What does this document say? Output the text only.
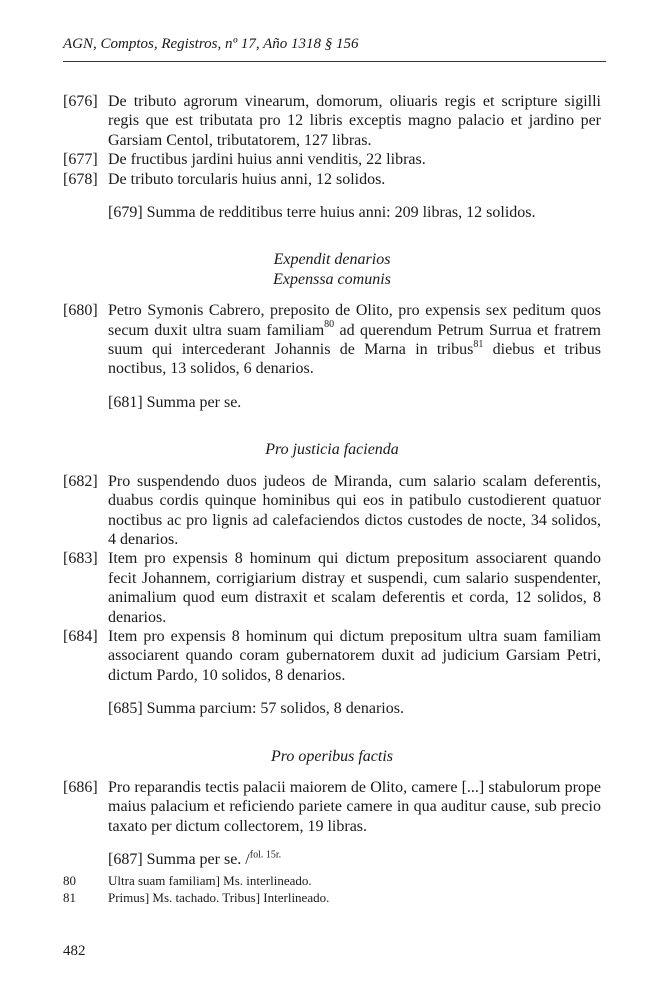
AGN, Comptos, Registros, nº 17, Año 1318 § 156
[676] De tributo agrorum vinearum, domorum, oliuaris regis et scripture sigilli regis que est tributata pro 12 libris exceptis magno palacio et jardino per Garsiam Centol, tributatorem, 127 libras.
[677] De fructibus jardini huius anni venditis, 22 libras.
[678] De tributo torcularis huius anni, 12 solidos.
[679] Summa de redditibus terre huius anni: 209 libras, 12 solidos.

Expendit denarios

Expenssa comunis

[680] Petro Symonis Cabrero, preposito de Olito, pro expensis sex peditum quos secum duxit ultra suam familiam$^{80}$ ad querendum Petrum Surrua et fratrem suum qui intercederant Johannis de Marna in tribus$^{81}$ diebus et tribus noctibus, 13 solidos, 6 denarios.
[681] Summa per se.

Pro justicia facienda

[682] Pro suspendendo duos judeos de Miranda, cum salario scalam deferentis, duabus cordis quinque hominibus qui eos in patibulo custodierent quatuor noctibus ac pro lignis ad calefaciendos dictos custodes de nocte, 34 solidos, 4 denarios.
[683] Item pro expensis 8 hominum qui dictum prepositum associarent quando fecit Johannem, corrigiarium distray et suspendi, cum salario suspendenter, animalium quod eum distraxit et scalam deferentis et corda, 12 solidos, 8 denarios.
[684] Item pro expensis 8 hominum qui dictum prepositum ultra suam familiam associarent quando coram gubernatorem duxit ad judicium Garsiam Petri, dictum Pardo, 10 solidos, 8 denarios.
[685] Summa parcium: 57 solidos, 8 denarios.

Pro operibus factis

[686] Pro reparandis tectis palacii maiorem de Olito, camere [...] stabulorum prope maius palacium et reficiendo pariete camere in qua auditur cause, sub precio taxato per dictum collectorem, 19 libras.
[687] Summa per se. /$^{fol. 15r.}$
80	Ultra suam familiam] Ms. interlineado.
81	Primus] Ms. tachado. Tribus] Interlineado.
482
